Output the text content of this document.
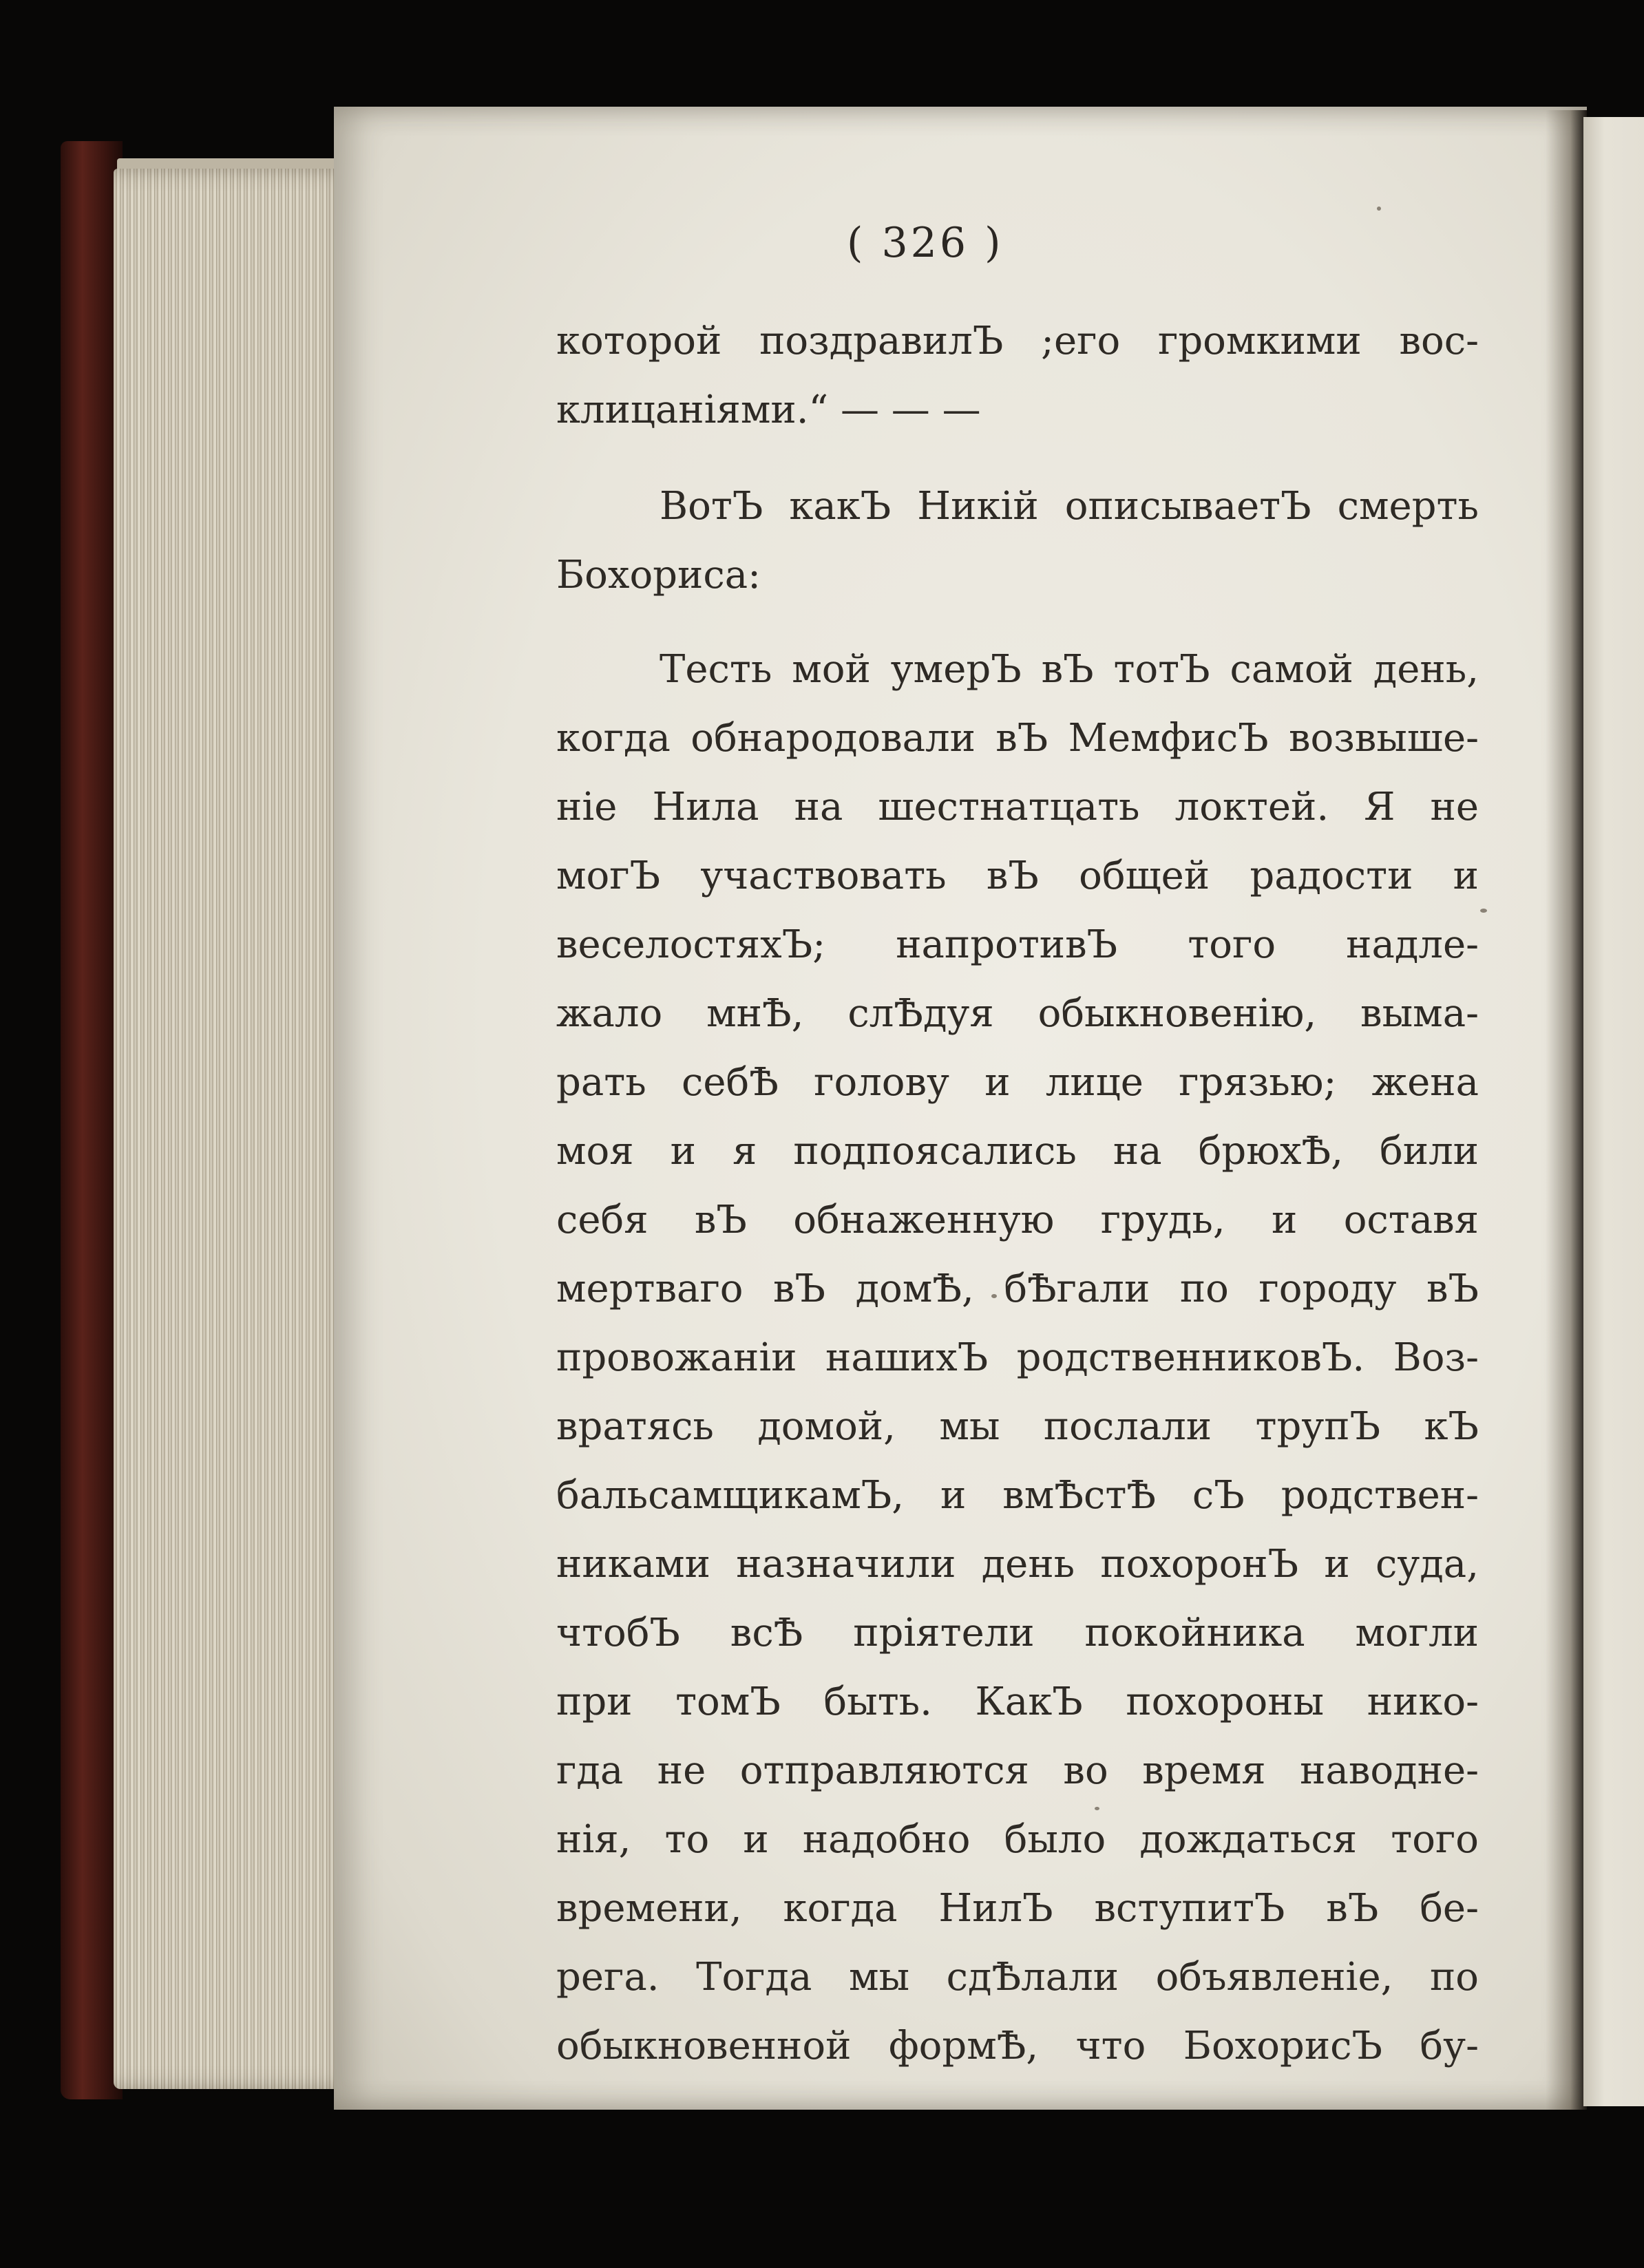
( 326 )
которой поздравилЪ ;его громкими вос-
клицаніями.“ — — —
ВотЪ какЪ Никій описываетЪ смерть
Бохориса:
Тесть мой умерЪ вЪ тотЪ самой день,
когда обнародовали вЪ МемфисЪ возвыше-
ніе Нила на шестнатцать локтей. Я не
могЪ участвовать вЪ общей радости и
веселостяхЪ; напротивЪ того надле-
жало мнѢ, слѢдуя обыкновенію, выма-
рать себѢ голову и лице грязью; жена
моя и я подпоясались на брюхѢ, били
себя вЪ обнаженную грудь, и оставя
мертваго вЪ домѢ, бѢгали по городу вЪ
провожаніи нашихЪ родственниковЪ. Воз-
вратясь домой, мы послали трупЪ кЪ
бальсамщикамЪ, и вмѢстѢ сЪ родствен-
никами назначили день похоронЪ и суда,
чтобЪ всѢ пріятели покойника могли
при томЪ быть. КакЪ похороны нико-
гда не отправляются во время наводне-
нія, то и надобно было дождаться того
времени, когда НилЪ вступитЪ вЪ бе-
рега. Тогда мы сдѢлали объявленіе, по
обыкновенной формѢ, что БохорисЪ бу-
